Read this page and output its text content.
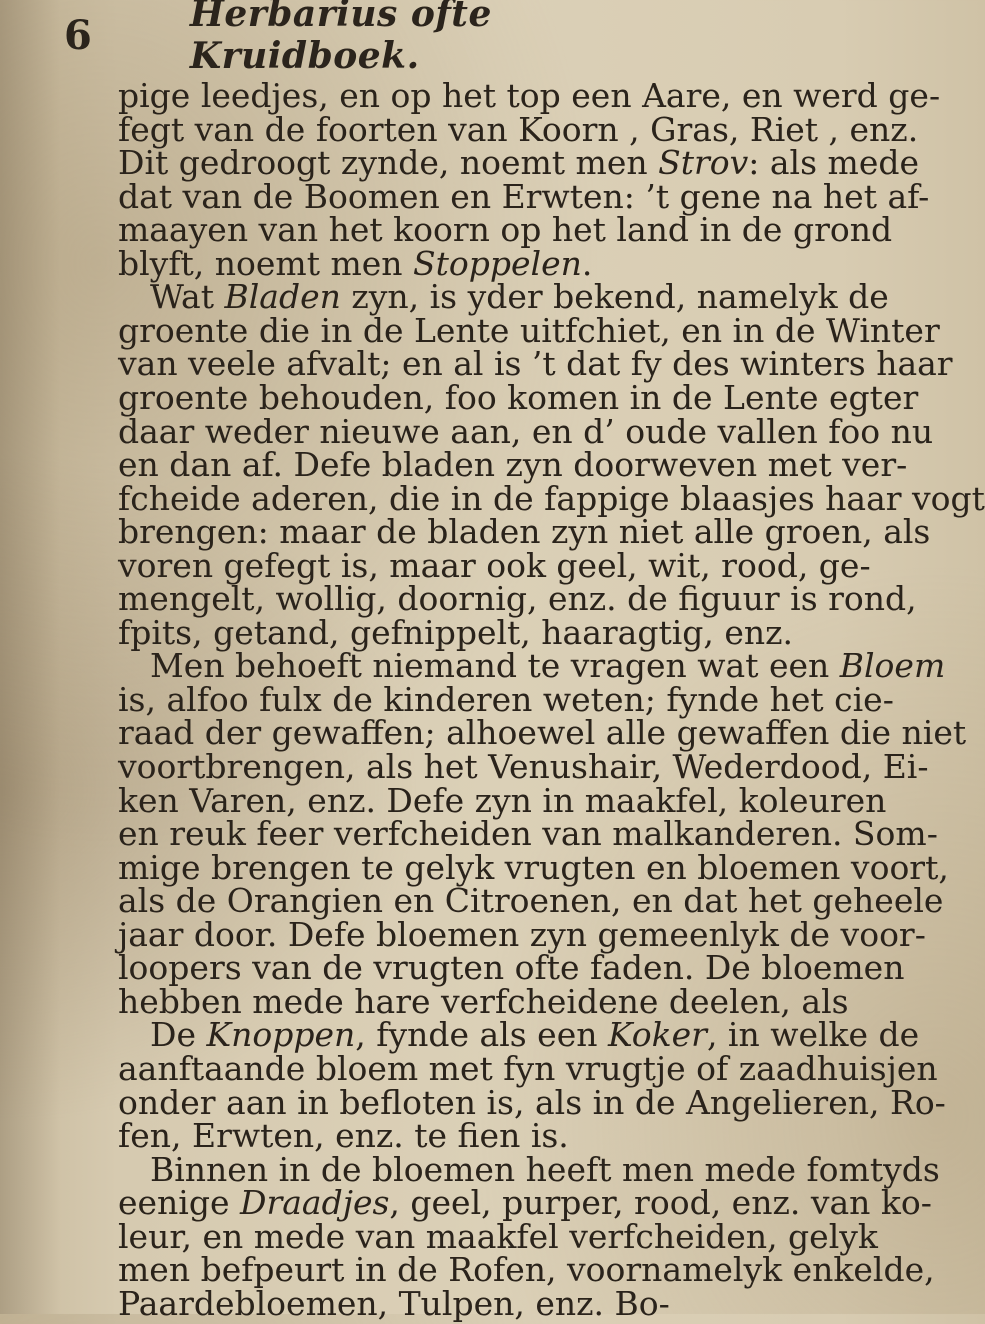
6	Herbarius ofte Kruidboek.
pige leedjes, en op het top een Aare, en werd ge-
fegt van de foorten van Koorn , Gras, Riet , enz.
Dit gedroogt zynde, noemt men Strov: als mede
dat van de Boomen en Erwten: ’t gene na het af-
maayen van het koorn op het land in de grond
blyft, noemt men Stoppelen.
Wat Bladen zyn, is yder bekend, namelyk de
groente die in de Lente uitfchiet, en in de Winter
van veele afvalt; en al is ’t dat fy des winters haar
groente behouden, foo komen in de Lente egter
daar weder nieuwe aan, en d’ oude vallen foo nu
en dan af. Defe bladen zyn doorweven met ver-
fcheide aderen, die in de fappige blaasjes haar vogt
brengen: maar de bladen zyn niet alle groen, als
voren gefegt is, maar ook geel, wit, rood, ge-
mengelt, wollig, doornig, enz. de figuur is rond,
fpits, getand, gefnippelt, haaragtig, enz.
Men behoeft niemand te vragen wat een Bloem
is, alfoo fulx de kinderen weten; fynde het cie-
raad der gewaffen; alhoewel alle gewaffen die niet
voortbrengen, als het Venushair, Wederdood, Ei-
ken Varen, enz. Defe zyn in maakfel, koleuren
en reuk feer verfcheiden van malkanderen. Som-
mige brengen te gelyk vrugten en bloemen voort,
als de Orangien en Citroenen, en dat het geheele
jaar door. Defe bloemen zyn gemeenlyk de voor-
loopers van de vrugten ofte faden. De bloemen
hebben mede hare verfcheidene deelen, als
De Knoppen, fynde als een Koker, in welke de
aanftaande bloem met fyn vrugtje of zaadhuisjen
onder aan in befloten is, als in de Angelieren, Ro-
fen, Erwten, enz. te fien is.
Binnen in de bloemen heeft men mede fomtyds
eenige Draadjes, geel, purper, rood, enz. van ko-
leur, en mede van maakfel verfcheiden, gelyk
men befpeurt in de Rofen, voornamelyk enkelde,
Paardebloemen, Tulpen, enz. Bo-
